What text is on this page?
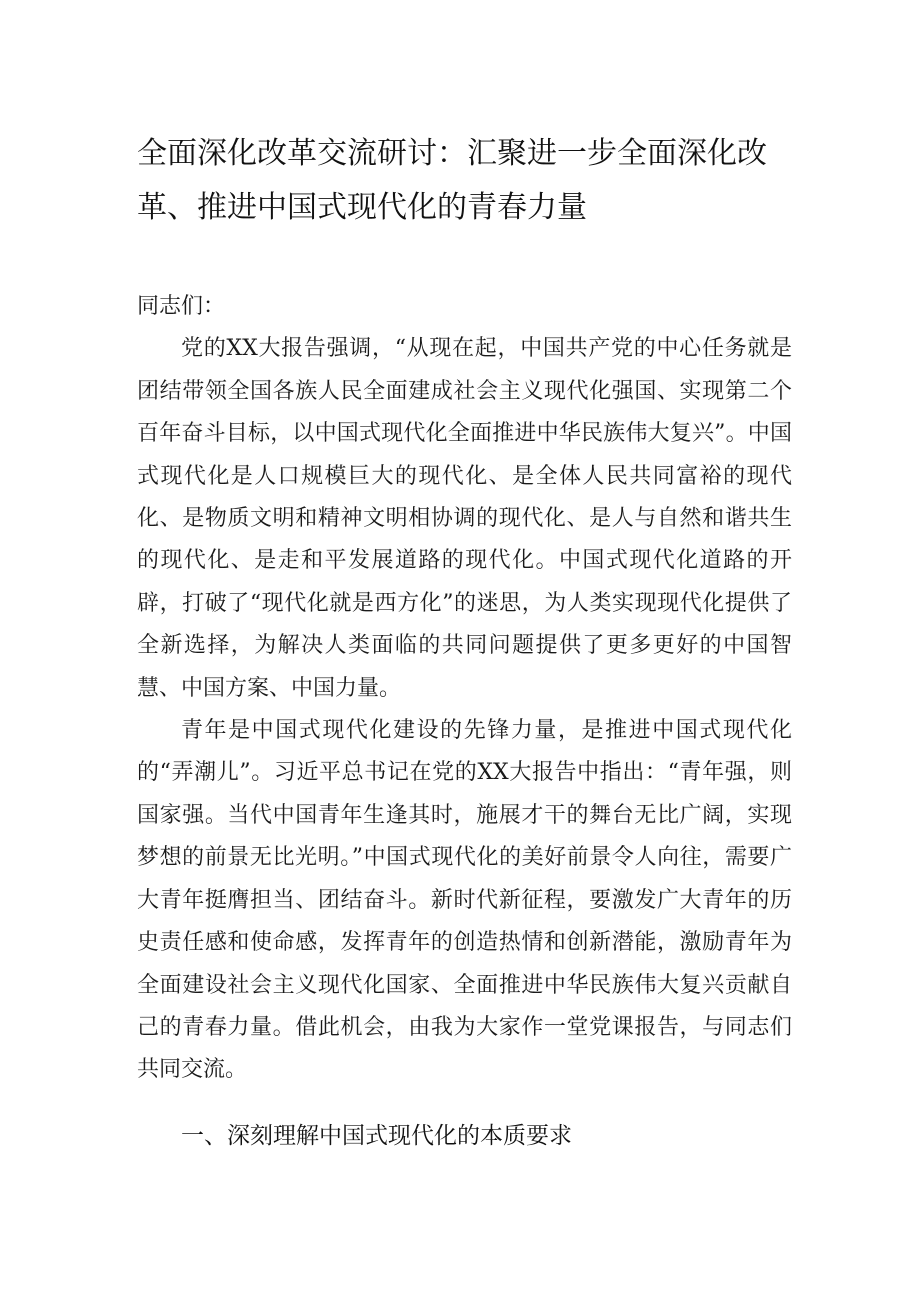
全面深化改革交流研讨：汇聚进一步全面深化改革、推进中国式现代化的青春力量

同志们：

党的XX大报告强调，“从现在起，中国共产党的中心任务就是团结带领全国各族人民全面建成社会主义现代化强国、实现第二个百年奋斗目标，以中国式现代化全面推进中华民族伟大复兴”。中国式现代化是人口规模巨大的现代化、是全体人民共同富裕的现代化、是物质文明和精神文明相协调的现代化、是人与自然和谐共生的现代化、是走和平发展道路的现代化。中国式现代化道路的开辟，打破了“现代化就是西方化”的迷思，为人类实现现代化提供了全新选择，为解决人类面临的共同问题提供了更多更好的中国智慧、中国方案、中国力量。

青年是中国式现代化建设的先锋力量，是推进中国式现代化的“弄潮儿”。习近平总书记在党的XX大报告中指出：“青年强，则国家强。当代中国青年生逢其时，施展才干的舞台无比广阔，实现梦想的前景无比光明。”中国式现代化的美好前景令人向往，需要广大青年挺膺担当、团结奋斗。新时代新征程，要激发广大青年的历史责任感和使命感，发挥青年的创造热情和创新潜能，激励青年为全面建设社会主义现代化国家、全面推进中华民族伟大复兴贡献自己的青春力量。借此机会，由我为大家作一堂党课报告，与同志们共同交流。

一、深刻理解中国式现代化的本质要求
